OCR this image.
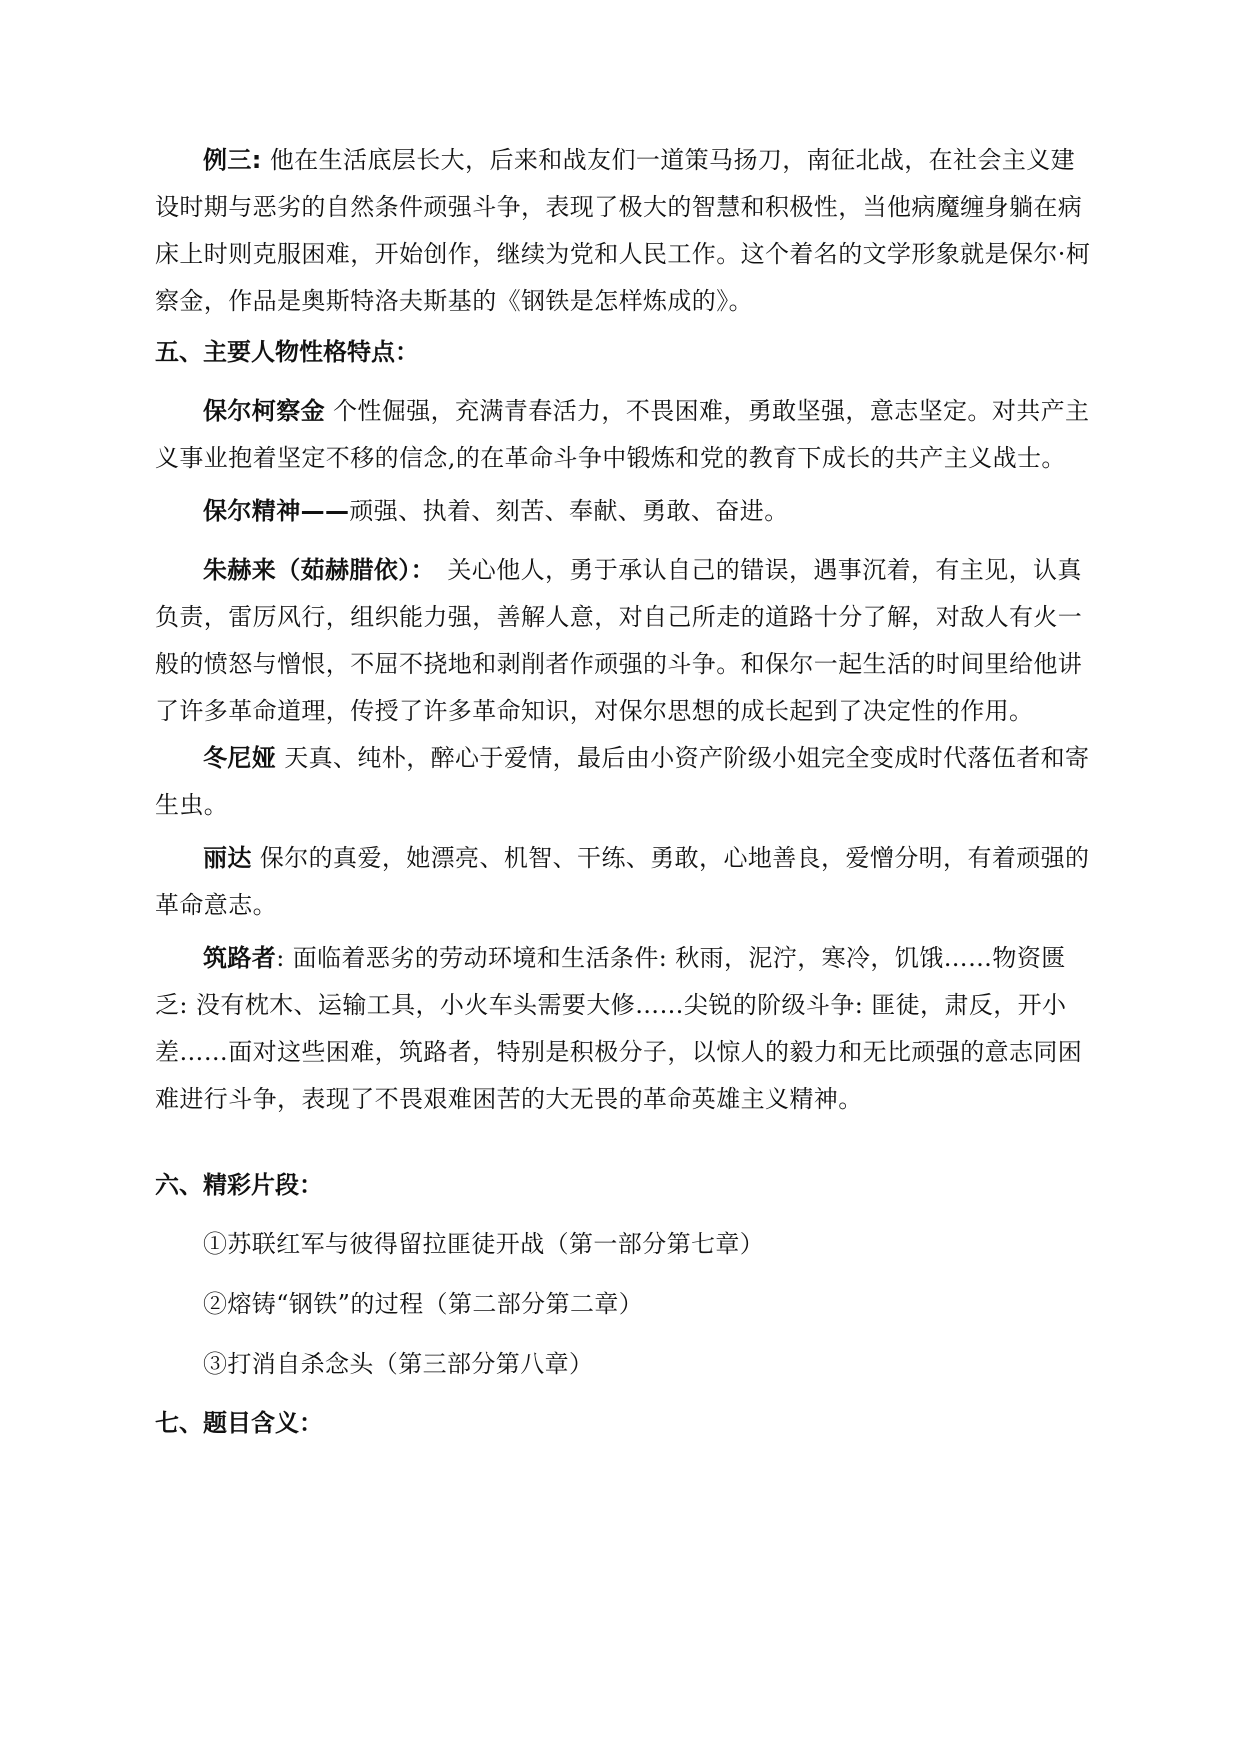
例三: 他在生活底层长大，后来和战友们一道策马扬刀，南征北战，在社会主义建设时期与恶劣的自然条件顽强斗争，表现了极大的智慧和积极性，当他病魔缠身躺在病床上时则克服困难，开始创作，继续为党和人民工作。这个着名的文学形象就是保尔·柯察金，作品是奥斯特洛夫斯基的《钢铁是怎样炼成的》。

五、主要人物性格特点：

保尔柯察金 个性倔强，充满青春活力，不畏困难，勇敢坚强，意志坚定。对共产主义事业抱着坚定不移的信念,的在革命斗争中锻炼和党的教育下成长的共产主义战士。

保尔精神——顽强、执着、刻苦、奉献、勇敢、奋进。

朱赫来（茹赫腊依）：　关心他人，勇于承认自己的错误，遇事沉着，有主见，认真负责，雷厉风行，组织能力强，善解人意，对自己所走的道路十分了解，对敌人有火一般的愤怒与憎恨，不屈不挠地和剥削者作顽强的斗争。和保尔一起生活的时间里给他讲了许多革命道理，传授了许多革命知识，对保尔思想的成长起到了决定性的作用。

冬尼娅 天真、纯朴，醉心于爱情，最后由小资产阶级小姐完全变成时代落伍者和寄生虫。

丽达 保尔的真爱，她漂亮、机智、干练、勇敢，心地善良，爱憎分明，有着顽强的革命意志。

筑路者: 面临着恶劣的劳动环境和生活条件: 秋雨，泥泞，寒冷，饥饿……物资匮乏: 没有枕木、运输工具，小火车头需要大修……尖锐的阶级斗争: 匪徒，肃反，开小差……面对这些困难，筑路者，特别是积极分子，以惊人的毅力和无比顽强的意志同困难进行斗争，表现了不畏艰难困苦的大无畏的革命英雄主义精神。

六、精彩片段：

①苏联红军与彼得留拉匪徒开战（第一部分第七章）

②熔铸“钢铁”的过程（第二部分第二章）

③打消自杀念头（第三部分第八章）

七、题目含义：
